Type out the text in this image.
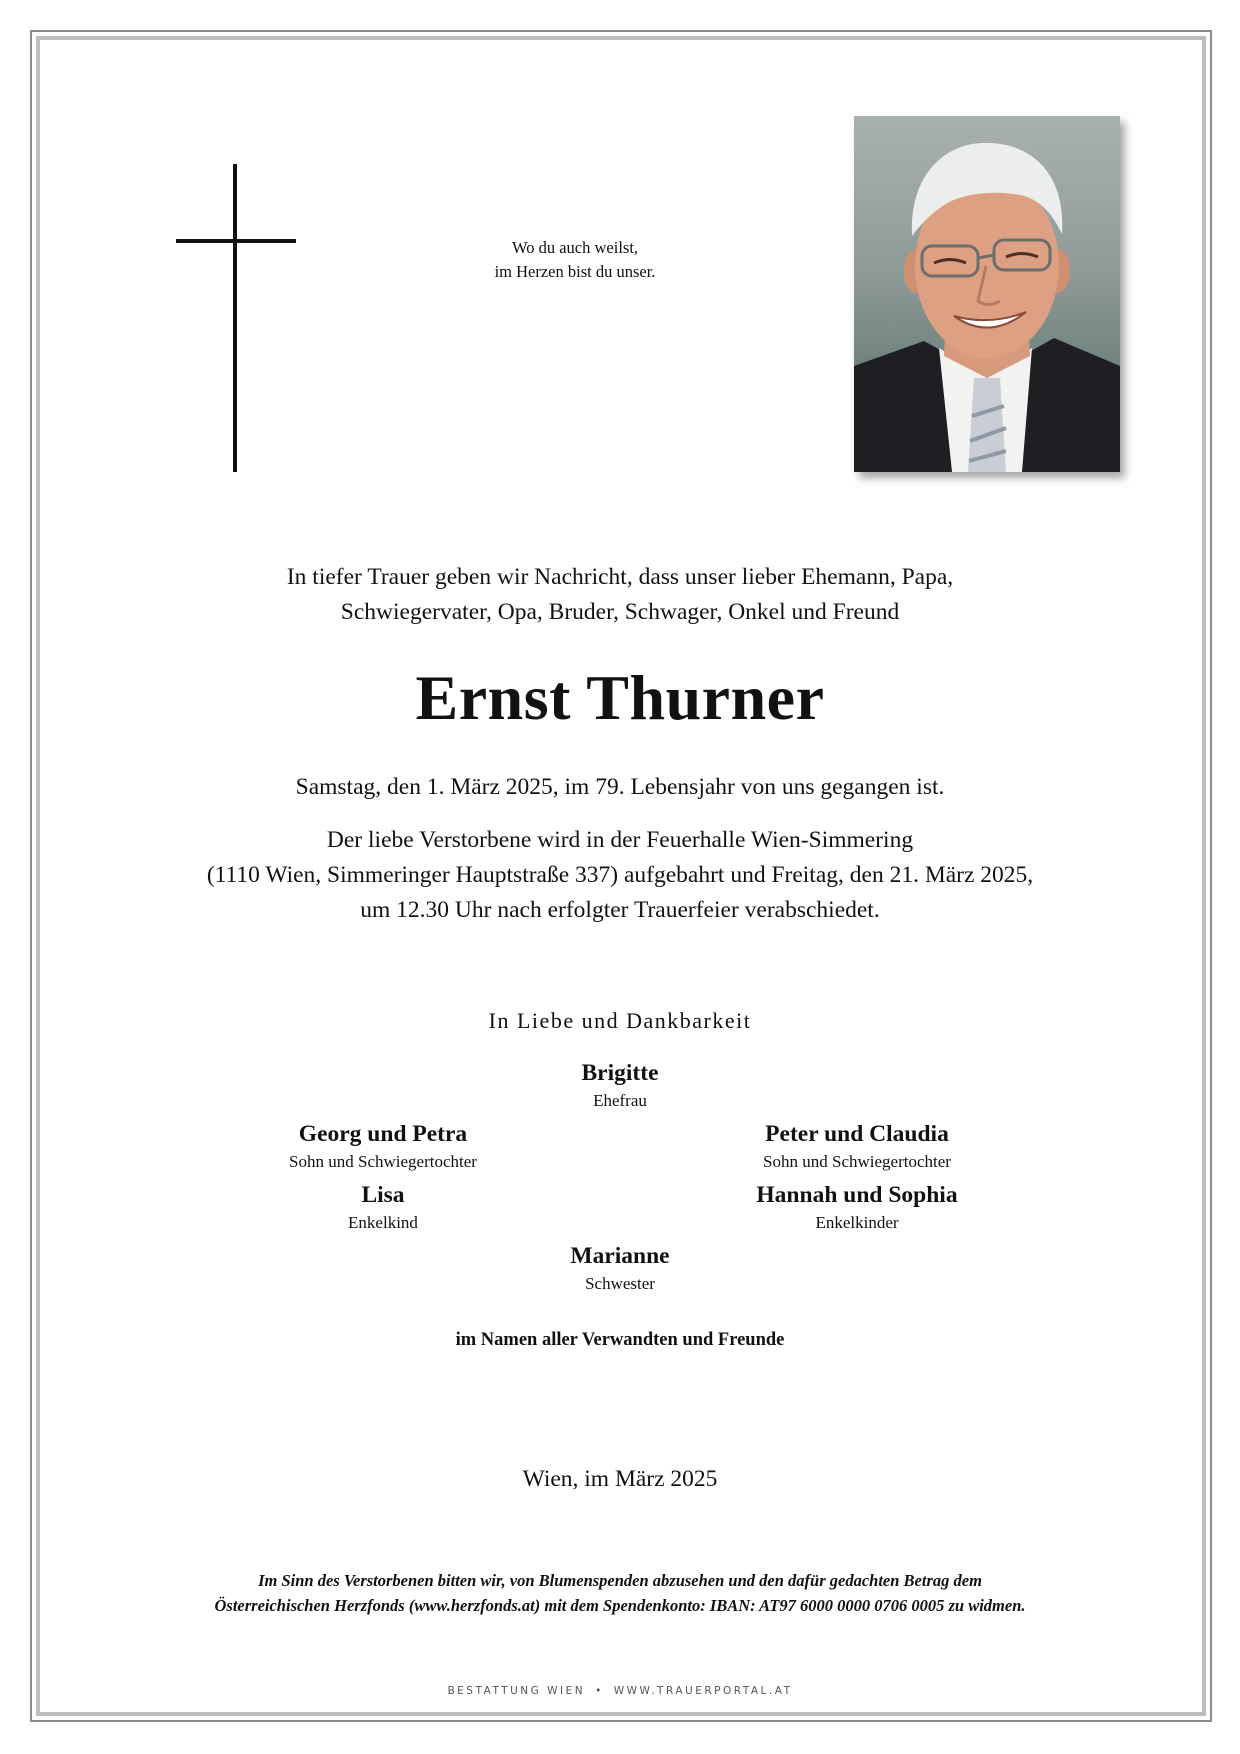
Wo du auch weilst,
im Herzen bist du unser.
In tiefer Trauer geben wir Nachricht, dass unser lieber Ehemann, Papa,
Schwiegervater, Opa, Bruder, Schwager, Onkel und Freund
Ernst Thurner
Samstag, den 1. März 2025, im 79. Lebensjahr von uns gegangen ist.
Der liebe Verstorbene wird in der Feuerhalle Wien-Simmering
(1110 Wien, Simmeringer Hauptstraße 337) aufgebahrt und Freitag, den 21. März 2025,
um 12.30 Uhr nach erfolgter Trauerfeier verabschiedet.
In Liebe und Dankbarkeit
Brigitte
Ehefrau
Georg und Petra
Sohn und Schwiegertochter
Peter und Claudia
Sohn und Schwiegertochter
Lisa
Enkelkind
Hannah und Sophia
Enkelkinder
Marianne
Schwester
im Namen aller Verwandten und Freunde
Wien, im März 2025
Im Sinn des Verstorbenen bitten wir, von Blumenspenden abzusehen und den dafür gedachten Betrag dem
Österreichischen Herzfonds (www.herzfonds.at) mit dem Spendenkonto: IBAN: AT97 6000 0000 0706 0005 zu widmen.
BESTATTUNG WIEN • WWW.TRAUERPORTAL.AT
